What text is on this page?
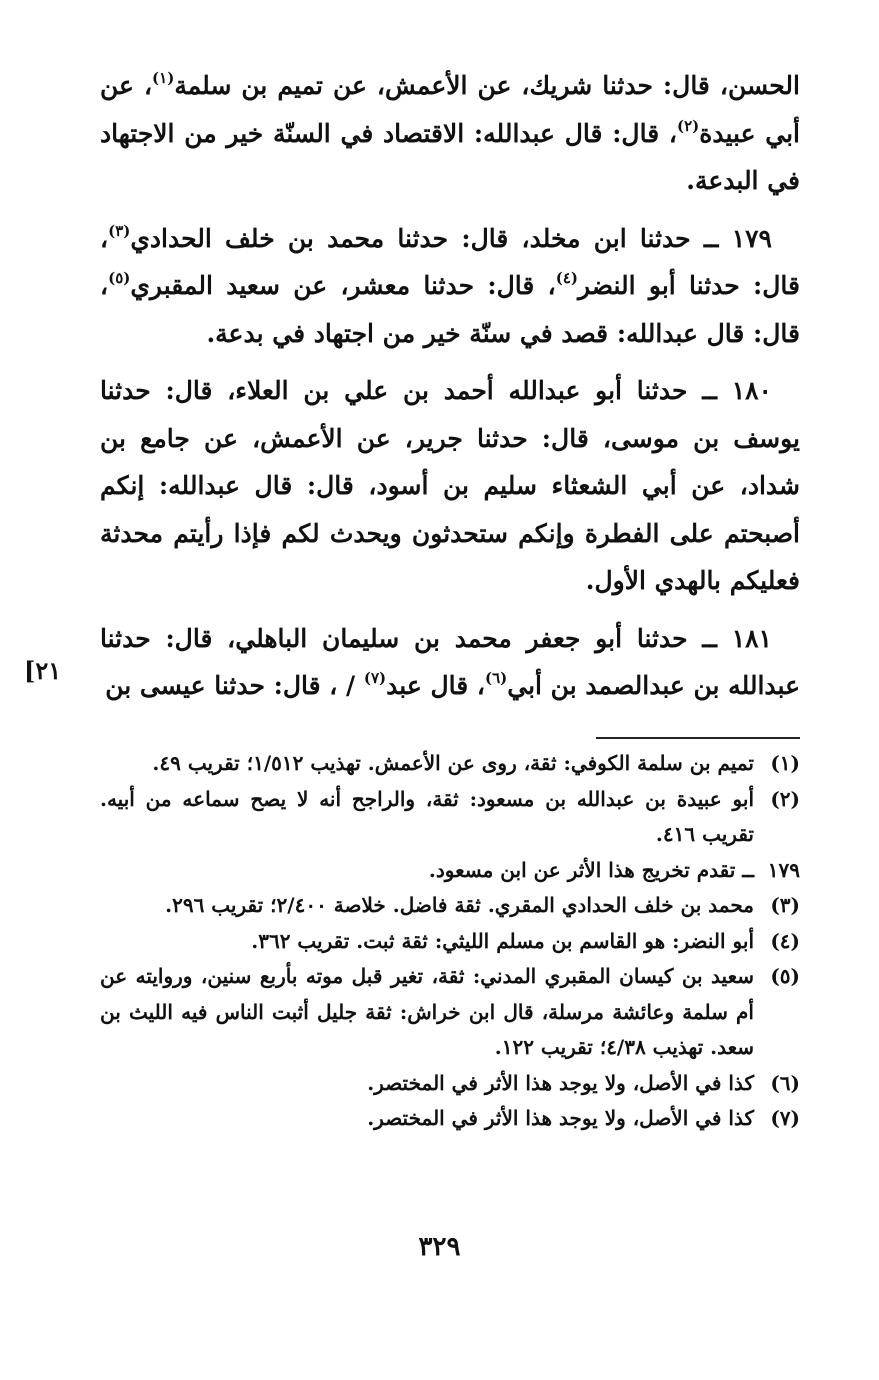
الحسن، قال: حدثنا شريك، عن الأعمش، عن تميم بن سلمة$^{(١)}$، عن أبي عبيدة$^{(٢)}$، قال: قال عبدالله: الاقتصاد في السنّة خير من الاجتهاد في البدعة.

١٧٩ ــ حدثنا ابن مخلد، قال: حدثنا محمد بن خلف الحدادي$^{(٣)}$، قال: حدثنا أبو النضر$^{(٤)}$، قال: حدثنا معشر، عن سعيد المقبري$^{(٥)}$، قال: قال عبدالله: قصد في سنّة خير من اجتهاد في بدعة.

١٨٠ ــ حدثنا أبو عبدالله أحمد بن علي بن العلاء، قال: حدثنا يوسف بن موسى، قال: حدثنا جرير، عن الأعمش، عن جامع بن شداد، عن أبي الشعثاء سليم بن أسود، قال: قال عبدالله: إنكم أصبحتم على الفطرة وإنكم ستحدثون ويحدث لكم فإذا رأيتم محدثة فعليكم بالهدي الأول.

١٨١ ــ حدثنا أبو جعفر محمد بن سليمان الباهلي، قال: حدثنا عبدالله بن عبدالصمد بن أبي$^{(٦)}$، قال عبد$^{(٧)}$ / ، قال: حدثنا عيسى بن

[٢١
(١)
تميم بن سلمة الكوفي: ثقة، روى عن الأعمش. تهذيب ١/٥١٢؛ تقريب ٤٩.
(٢)
أبو عبيدة بن عبدالله بن مسعود: ثقة، والراجح أنه لا يصح سماعه من أبيه. تقريب ٤١٦.
١٧٩
ــ تقدم تخريج هذا الأثر عن ابن مسعود.
(٣)
محمد بن خلف الحدادي المقري. ثقة فاضل. خلاصة ٢/٤٠٠؛ تقريب ٢٩٦.
(٤)
أبو النضر: هو القاسم بن مسلم الليثي: ثقة ثبت. تقريب ٣٦٢.
(٥)
سعيد بن كيسان المقبري المدني: ثقة، تغير قبل موته بأربع سنين، وروايته عن أم سلمة وعائشة مرسلة، قال ابن خراش: ثقة جليل أثبت الناس فيه الليث بن سعد. تهذيب ٤/٣٨؛ تقريب ١٢٢.
(٦)
كذا في الأصل، ولا يوجد هذا الأثر في المختصر.
(٧)
كذا في الأصل، ولا يوجد هذا الأثر في المختصر.
٣٢٩
